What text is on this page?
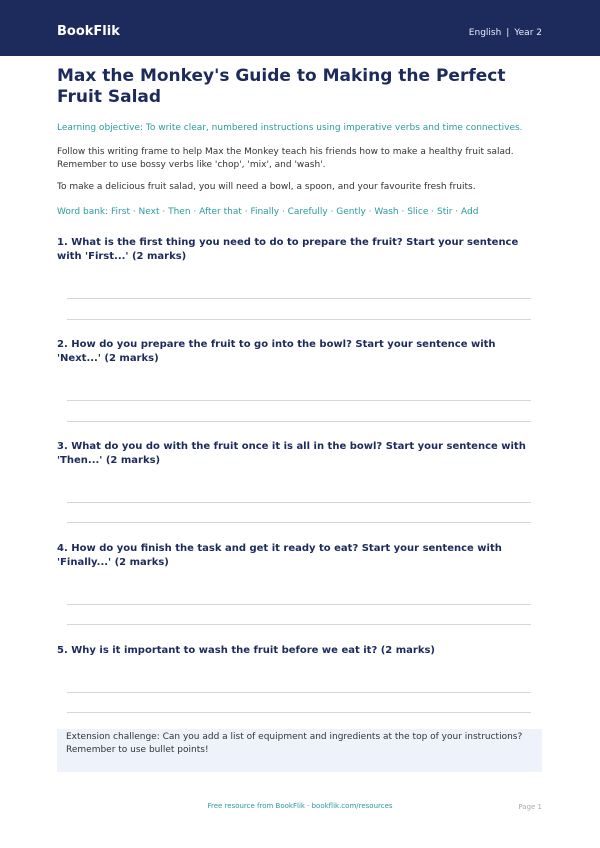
BookFlik	English | Year 2
Max the Monkey's Guide to Making the Perfect Fruit Salad
Learning objective: To write clear, numbered instructions using imperative verbs and time connectives.
Follow this writing frame to help Max the Monkey teach his friends how to make a healthy fruit salad. Remember to use bossy verbs like 'chop', 'mix', and 'wash'.
To make a delicious fruit salad, you will need a bowl, a spoon, and your favourite fresh fruits.
Word bank: First · Next · Then · After that · Finally · Carefully · Gently · Wash · Slice · Stir · Add
1. What is the first thing you need to do to prepare the fruit? Start your sentence with 'First...' (2 marks)
2. How do you prepare the fruit to go into the bowl? Start your sentence with 'Next...' (2 marks)
3. What do you do with the fruit once it is all in the bowl? Start your sentence with 'Then...' (2 marks)
4. How do you finish the task and get it ready to eat? Start your sentence with 'Finally...' (2 marks)
5. Why is it important to wash the fruit before we eat it? (2 marks)
Extension challenge: Can you add a list of equipment and ingredients at the top of your instructions? Remember to use bullet points!
Free resource from BookFlik · bookflik.com/resources	Page 1
